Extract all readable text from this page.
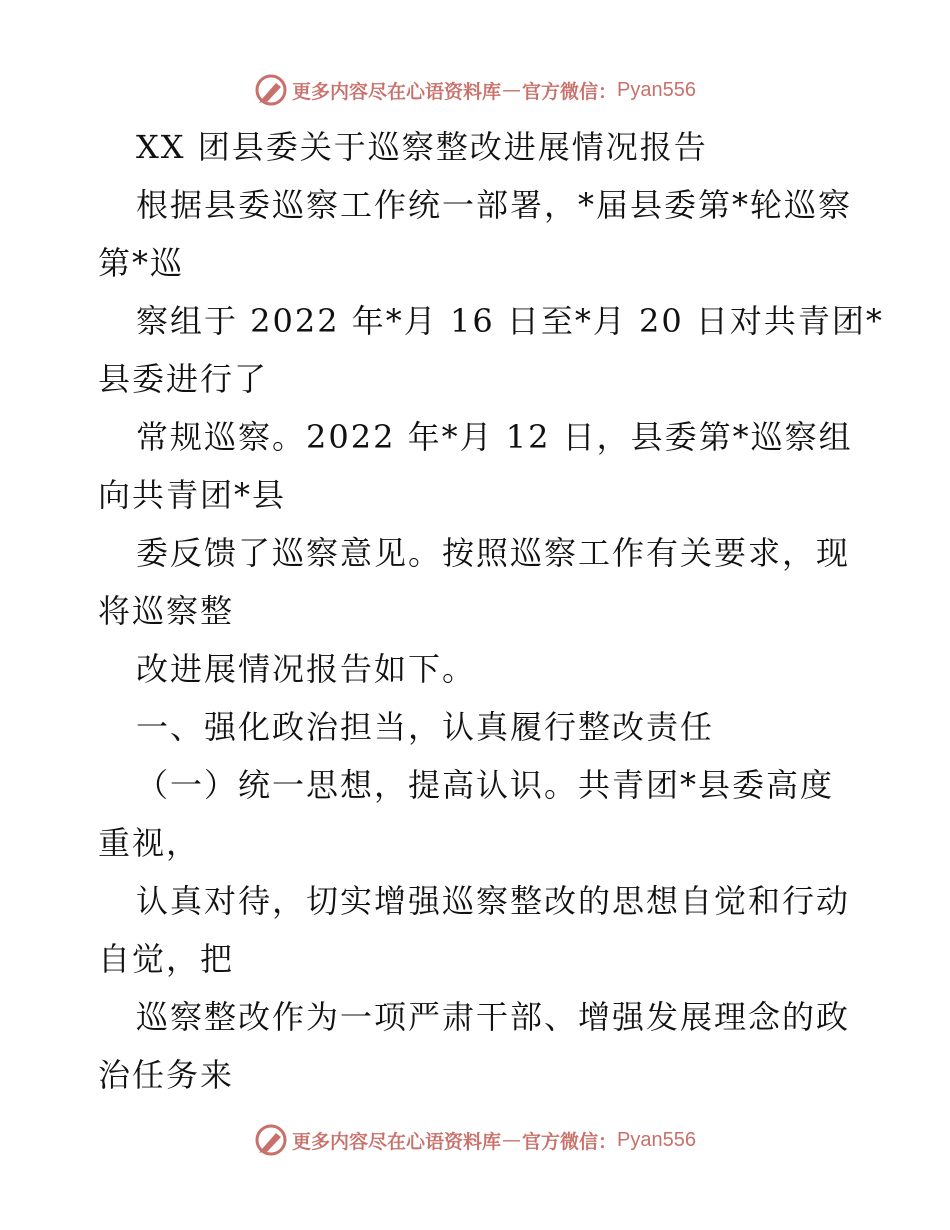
更多内容尽在心语资料库 — 官方微信： Pyan556
XX 团县委关于巡察整改进展情况报告
根据县委巡察工作统一部署，*届县委第*轮巡察
第*巡
察组于 2022 年*月 16 日至*月 20 日对共青团*
县委进行了
常规巡察。2022 年*月 12 日，县委第*巡察组
向共青团*县
委反馈了巡察意见。按照巡察工作有关要求，现
将巡察整
改进展情况报告如下。
一、强化政治担当，认真履行整改责任
（一）统一思想，提高认识。共青团*县委高度
重视，
认真对待，切实增强巡察整改的思想自觉和行动
自觉，把
巡察整改作为一项严肃干部、增强发展理念的政
治任务来
更多内容尽在心语资料库 — 官方微信： Pyan556
